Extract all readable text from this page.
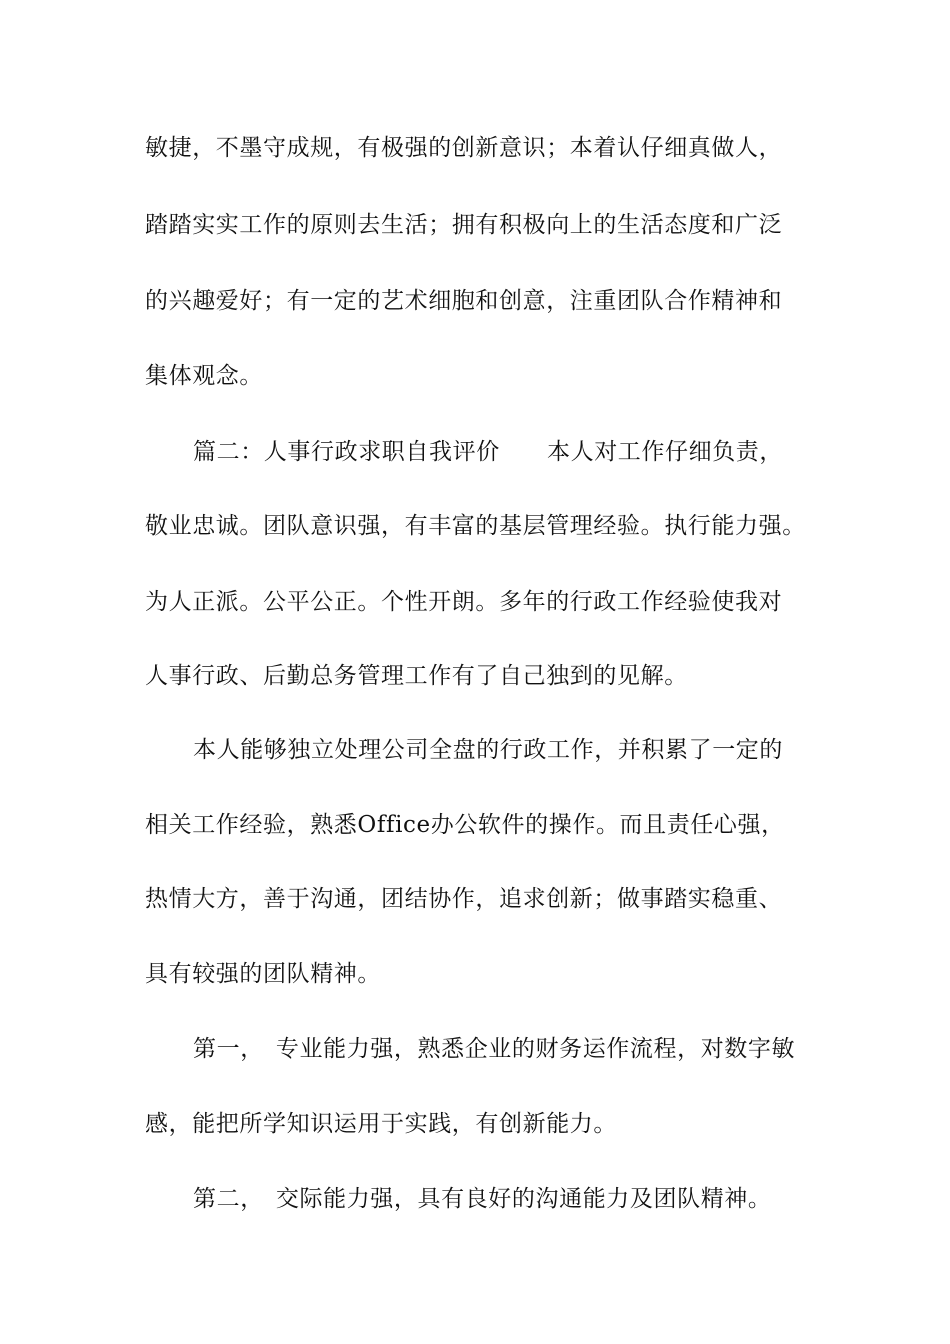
敏捷，不墨守成规，有极强的创新意识；本着认仔细真做人，
踏踏实实工作的原则去生活；拥有积极向上的生活态度和广泛
的兴趣爱好；有一定的艺术细胞和创意，注重团队合作精神和
集体观念。
篇二：人事行政求职自我评价　　本人对工作仔细负责，
敬业忠诚。团队意识强，有丰富的基层管理经验。执行能力强。
为人正派。公平公正。个性开朗。多年的行政工作经验使我对
人事行政、后勤总务管理工作有了自己独到的见解。
本人能够独立处理公司全盘的行政工作，并积累了一定的
相关工作经验，熟悉Office办公软件的操作。而且责任心强，
热情大方，善于沟通，团结协作，追求创新；做事踏实稳重、
具有较强的团队精神。
第一，　专业能力强，熟悉企业的财务运作流程，对数字敏
感，能把所学知识运用于实践，有创新能力。
第二，　交际能力强，具有良好的沟通能力及团队精神。
